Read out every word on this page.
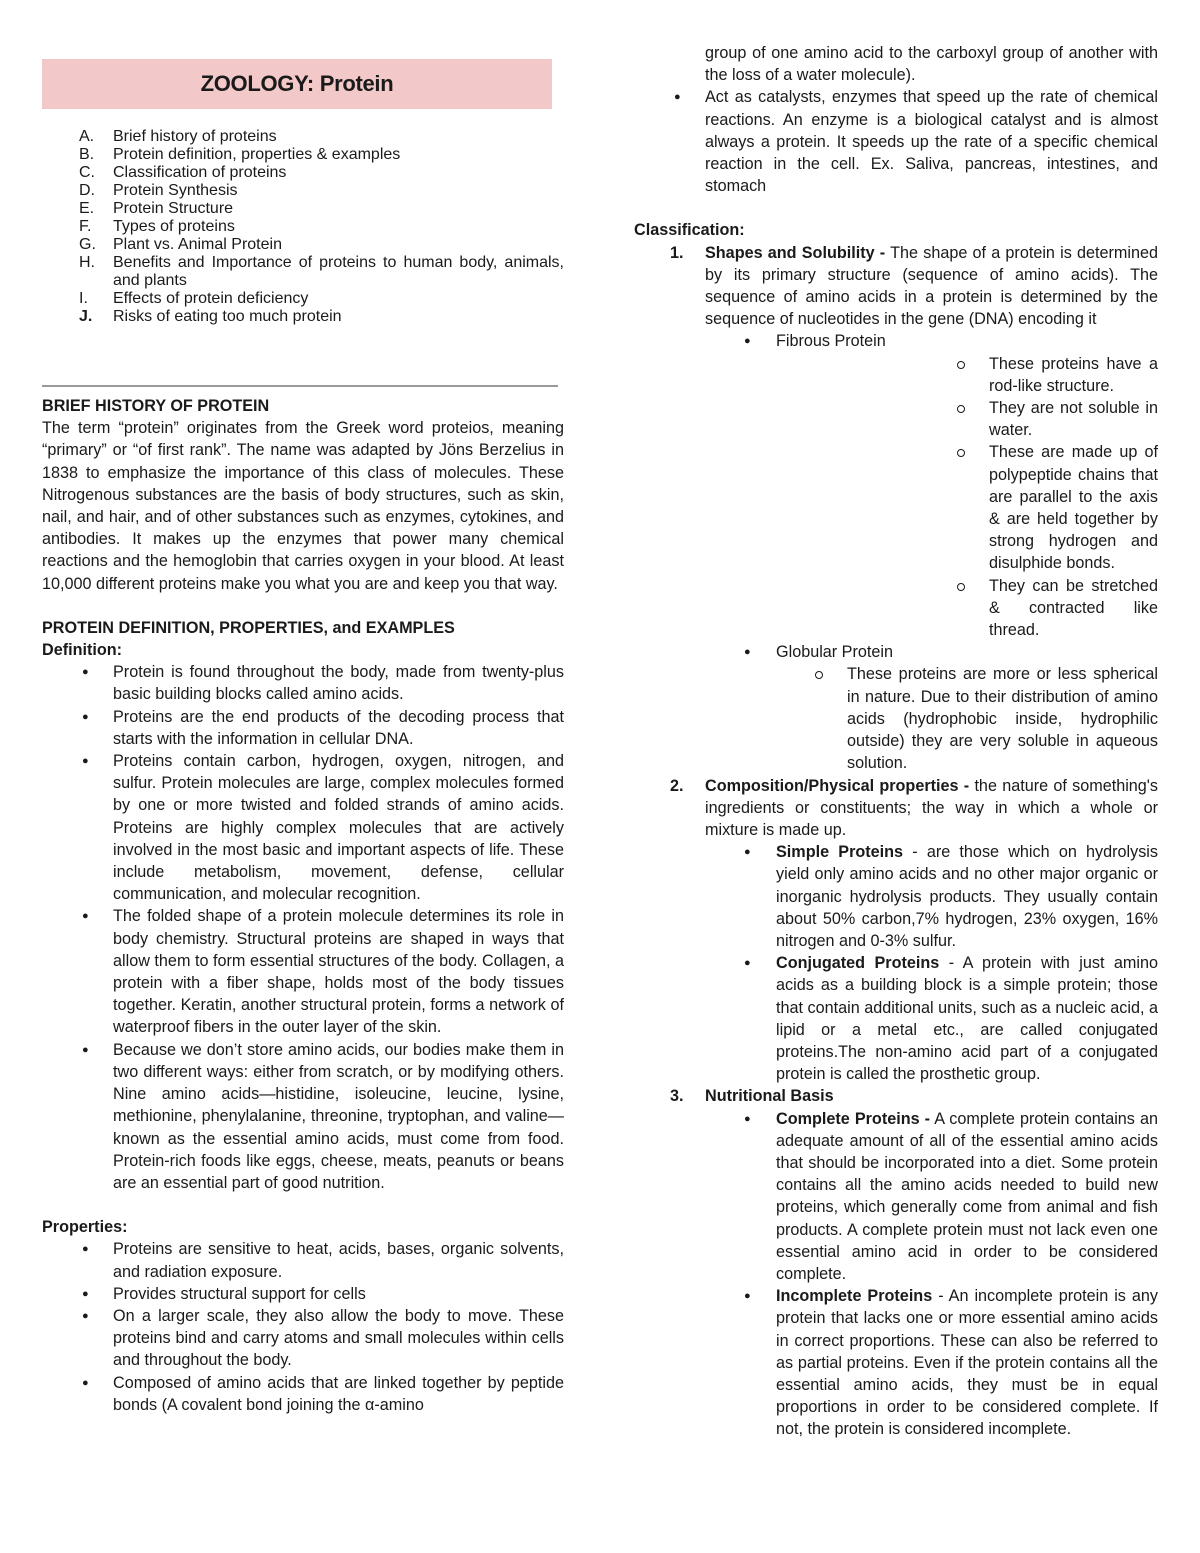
ZOOLOGY: Protein
A.	Brief history of proteins
B.	Protein definition, properties & examples
C.	Classification of proteins
D.	Protein Synthesis
E.	Protein Structure
F.	Types of proteins
G.	Plant vs. Animal Protein
H.	Benefits and Importance of proteins to human body, animals, and plants
I.	Effects of protein deficiency
J.	Risks of eating too much protein
BRIEF HISTORY OF PROTEIN

The term “protein” originates from the Greek word proteios, meaning “primary” or “of first rank”. The name was adapted by Jöns Berzelius in 1838 to emphasize the importance of this class of molecules. These Nitrogenous substances are the basis of body structures, such as skin, nail, and hair, and of other substances such as enzymes, cytokines, and antibodies. It makes up the enzymes that power many chemical reactions and the hemoglobin that carries oxygen in your blood. At least 10,000 different proteins make you what you are and keep you that way.

PROTEIN DEFINITION, PROPERTIES, and EXAMPLES
Definition:
● Protein is found throughout the body, made from twenty-plus basic building blocks called amino acids.
● Proteins are the end products of the decoding process that starts with the information in cellular DNA.
● Proteins contain carbon, hydrogen, oxygen, nitrogen, and sulfur. Protein molecules are large, complex molecules formed by one or more twisted and folded strands of amino acids. Proteins are highly complex molecules that are actively involved in the most basic and important aspects of life. These include metabolism, movement, defense, cellular communication, and molecular recognition.
● The folded shape of a protein molecule determines its role in body chemistry. Structural proteins are shaped in ways that allow them to form essential structures of the body. Collagen, a protein with a fiber shape, holds most of the body tissues together. Keratin, another structural protein, forms a network of waterproof fibers in the outer layer of the skin.
● Because we don’t store amino acids, our bodies make them in two different ways: either from scratch, or by modifying others. Nine amino acids—histidine, isoleucine, leucine, lysine, methionine, phenylalanine, threonine, tryptophan, and valine—known as the essential amino acids, must come from food. Protein-rich foods like eggs, cheese, meats, peanuts or beans are an essential part of good nutrition.
Properties:
● Proteins are sensitive to heat, acids, bases, organic solvents, and radiation exposure.
● Provides structural support for cells
● On a larger scale, they also allow the body to move. These proteins bind and carry atoms and small molecules within cells and throughout the body.
● Composed of amino acids that are linked together by peptide bonds (A covalent bond joining the α-amino
group of one amino acid to the carboxyl group of another with the loss of a water molecule).
● Act as catalysts, enzymes that speed up the rate of chemical reactions. An enzyme is a biological catalyst and is almost always a protein. It speeds up the rate of a specific chemical reaction in the cell. Ex. Saliva, pancreas, intestines, and stomach
Classification:
1. Shapes and Solubility - The shape of a protein is determined by its primary structure (sequence of amino acids). The sequence of amino acids in a protein is determined by the sequence of nucleotides in the gene (DNA) encoding it
● Fibrous Protein
These proteins have a rod-like structure.
They are not soluble in water.
These are made up of polypeptide chains that are parallel to the axis & are held together by strong hydrogen and disulphide bonds.
They can be stretched & contracted like thread.
● Globular Protein
These proteins are more or less spherical in nature. Due to their distribution of amino acids (hydrophobic inside, hydrophilic outside) they are very soluble in aqueous solution.
2. Composition/Physical properties - the nature of something's ingredients or constituents; the way in which a whole or mixture is made up.
● Simple Proteins - are those which on hydrolysis yield only amino acids and no other major organic or inorganic hydrolysis products. They usually contain about 50% carbon,7% hydrogen, 23% oxygen, 16% nitrogen and 0-3% sulfur.
● Conjugated Proteins - A protein with just amino acids as a building block is a simple protein; those that contain additional units, such as a nucleic acid, a lipid or a metal etc., are called conjugated proteins.The non-amino acid part of a conjugated protein is called the prosthetic group.
3. Nutritional Basis
● Complete Proteins - A complete protein contains an adequate amount of all of the essential amino acids that should be incorporated into a diet. Some protein contains all the amino acids needed to build new proteins, which generally come from animal and fish products. A complete protein must not lack even one essential amino acid in order to be considered complete.
● Incomplete Proteins - An incomplete protein is any protein that lacks one or more essential amino acids in correct proportions. These can also be referred to as partial proteins. Even if the protein contains all the essential amino acids, they must be in equal proportions in order to be considered complete. If not, the protein is considered incomplete.
